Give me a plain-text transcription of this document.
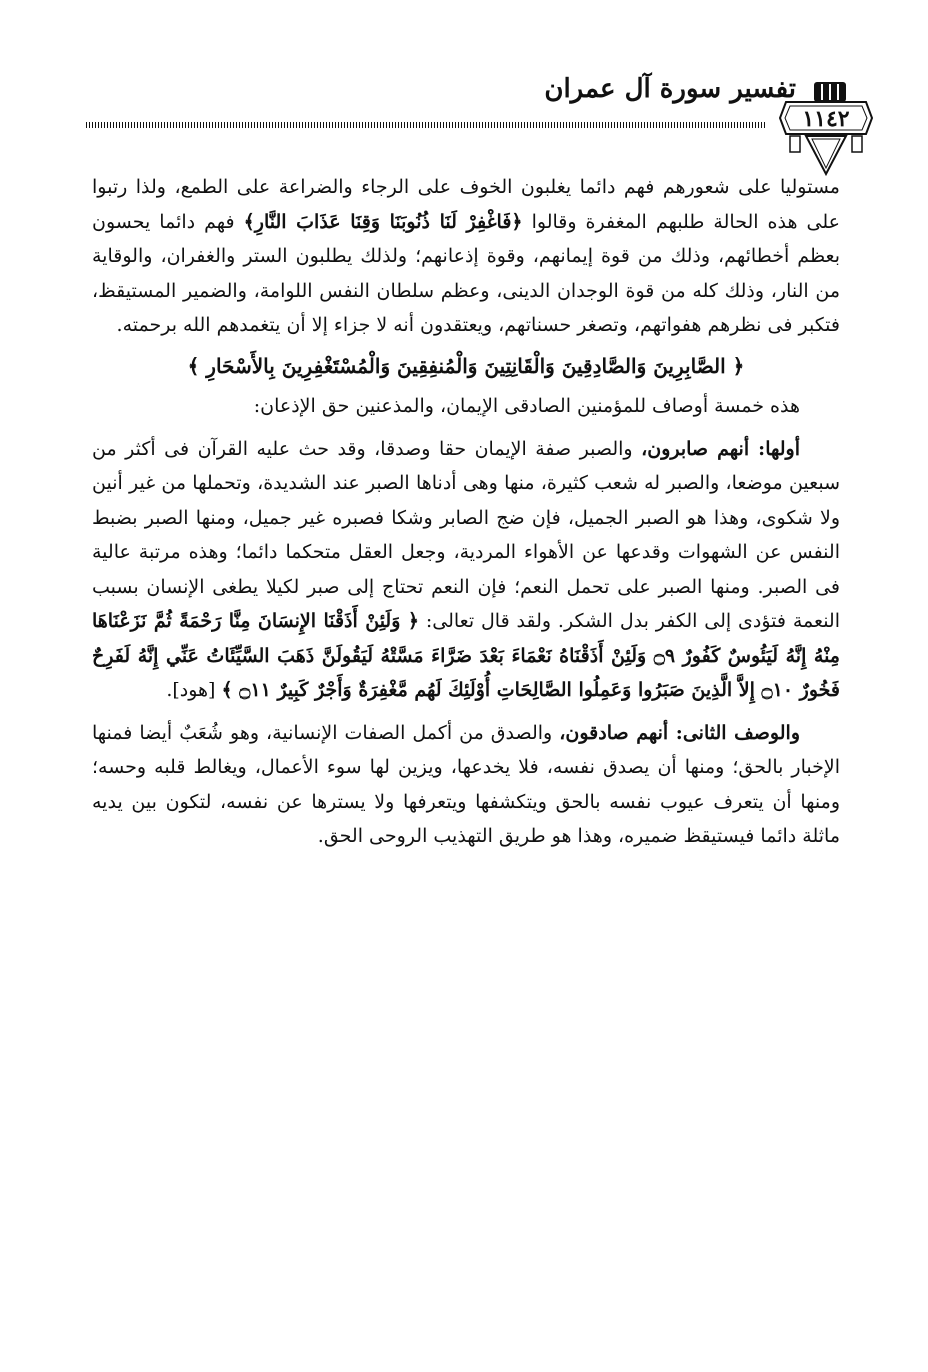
تفسير سورة آل عمران
١١٤٢

مستوليا على شعورهم فهم دائما يغلبون الخوف على الرجاء والضراعة على الطمع، ولذا رتبوا على هذه الحالة طلبهم المغفرة وقالوا ﴿فَاغْفِرْ لَنَا ذُنُوبَنَا وَقِنَا عَذَابَ النَّارِ﴾ فهم دائما يحسون بعظم أخطائهم، وذلك من قوة إيمانهم، وقوة إذعانهم؛ ولذلك يطلبون الستر والغفران، والوقاية من النار، وذلك كله من قوة الوجدان الدينى، وعظم سلطان النفس اللوامة، والضمير المستيقظ، فتكبر فى نظرهم هفواتهم، وتصغر حسناتهم، ويعتقدون أنه لا جزاء إلا أن يتغمدهم الله برحمته.

﴿ الصَّابِرِينَ وَالصَّادِقِينَ وَالْقَانِتِينَ وَالْمُنفِقِينَ وَالْمُسْتَغْفِرِينَ بِالأَسْحَارِ ﴾

هذه خمسة أوصاف للمؤمنين الصادقى الإيمان، والمذعنين حق الإذعان:

أولها: أنهم صابرون، والصبر صفة الإيمان حقا وصدقا، وقد حث عليه القرآن فى أكثر من سبعين موضعا، والصبر له شعب كثيرة، منها وهى أدناها الصبر عند الشديدة، وتحملها من غير أنين ولا شكوى، وهذا هو الصبر الجميل، فإن ضج الصابر وشكا فصبره غير جميل، ومنها الصبر بضبط النفس عن الشهوات وقدعها عن الأهواء المردية، وجعل العقل متحكما دائما؛ وهذه مرتبة عالية فى الصبر. ومنها الصبر على تحمل النعم؛ فإن النعم تحتاج إلى صبر لكيلا يطغى الإنسان بسبب النعمة فتؤدى إلى الكفر بدل الشكر. ولقد قال تعالى: ﴿ وَلَئِنْ أَذَقْنَا الإِنسَانَ مِنَّا رَحْمَةً ثُمَّ نَزَعْنَاهَا مِنْهُ إِنَّهُ لَيَئُوسٌ كَفُورٌ ۝٩ وَلَئِنْ أَذَقْنَاهُ نَعْمَاءَ بَعْدَ ضَرَّاءَ مَسَّتْهُ لَيَقُولَنَّ ذَهَبَ السَّيِّئَاتُ عَنِّي إِنَّهُ لَفَرِحٌ فَخُورٌ ۝١٠ إِلاَّ الَّذِينَ صَبَرُوا وَعَمِلُوا الصَّالِحَاتِ أُوْلَئِكَ لَهُم مَّغْفِرَةٌ وَأَجْرٌ كَبِيرٌ ۝١١ ﴾ [هود].

والوصف الثانى: أنهم صادقون، والصدق من أكمل الصفات الإنسانية، وهو شُعَبٌ أيضا فمنها الإخبار بالحق؛ ومنها أن يصدق نفسه، فلا يخدعها، ويزين لها سوء الأعمال، ويغالط قلبه وحسه؛ ومنها أن يتعرف عيوب نفسه بالحق ويتكشفها ويتعرفها ولا يسترها عن نفسه، لتكون بين يديه ماثلة دائما فيستيقظ ضميره، وهذا هو طريق التهذيب الروحى الحق.
